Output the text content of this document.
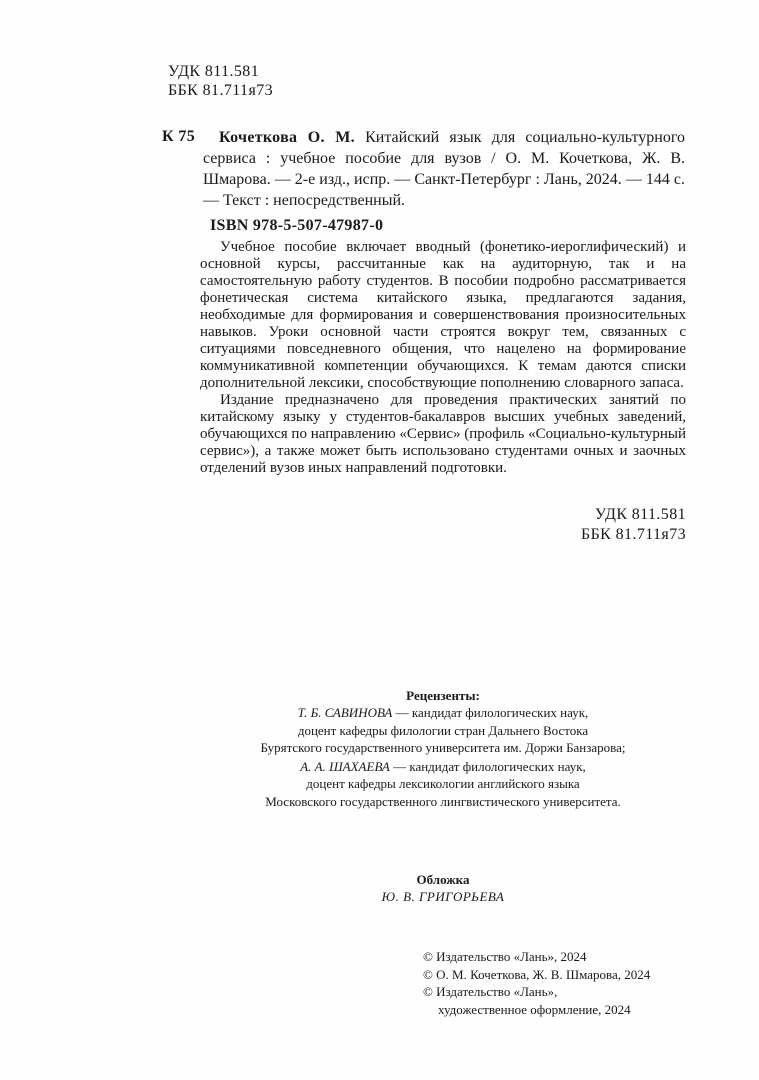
УДК 811.581
ББК 81.711я73
К 75	Кочеткова О. М. Китайский язык для социально-культурного сервиса : учебное пособие для вузов / О. М. Кочеткова, Ж. В. Шмарова. — 2-е изд., испр. — Санкт-Петербург : Лань, 2024. — 144 с. — Текст : непосредственный.

ISBN 978-5-507-47987-0

Учебное пособие включает вводный (фонетико-иероглифический) и основной курсы, рассчитанные как на аудиторную, так и на самостоятельную работу студентов. В пособии подробно рассматривается фонетическая система китайского языка, предлагаются задания, необходимые для формирования и совершенствования произносительных навыков. Уроки основной части строятся вокруг тем, связанных с ситуациями повседневного общения, что нацелено на формирование коммуникативной компетенции обучающихся. К темам даются списки дополнительной лексики, способствующие пополнению словарного запаса.

Издание предназначено для проведения практических занятий по китайскому языку у студентов-бакалавров высших учебных заведений, обучающихся по направлению «Сервис» (профиль «Социально-культурный сервис»), а также может быть использовано студентами очных и заочных отделений вузов иных направлений подготовки.

УДК 811.581
ББК 81.711я73
Рецензенты:
Т. Б. САВИНОВА — кандидат филологических наук,
доцент кафедры филологии стран Дальнего Востока
Бурятского государственного университета им. Доржи Банзарова;
А. А. ШАХАЕВА — кандидат филологических наук,
доцент кафедры лексикологии английского языка
Московского государственного лингвистического университета.
Обложка
Ю. В. ГРИГОРЬЕВА
© Издательство «Лань», 2024
© О. М. Кочеткова, Ж. В. Шмарова, 2024
© Издательство «Лань»,
художественное оформление, 2024
